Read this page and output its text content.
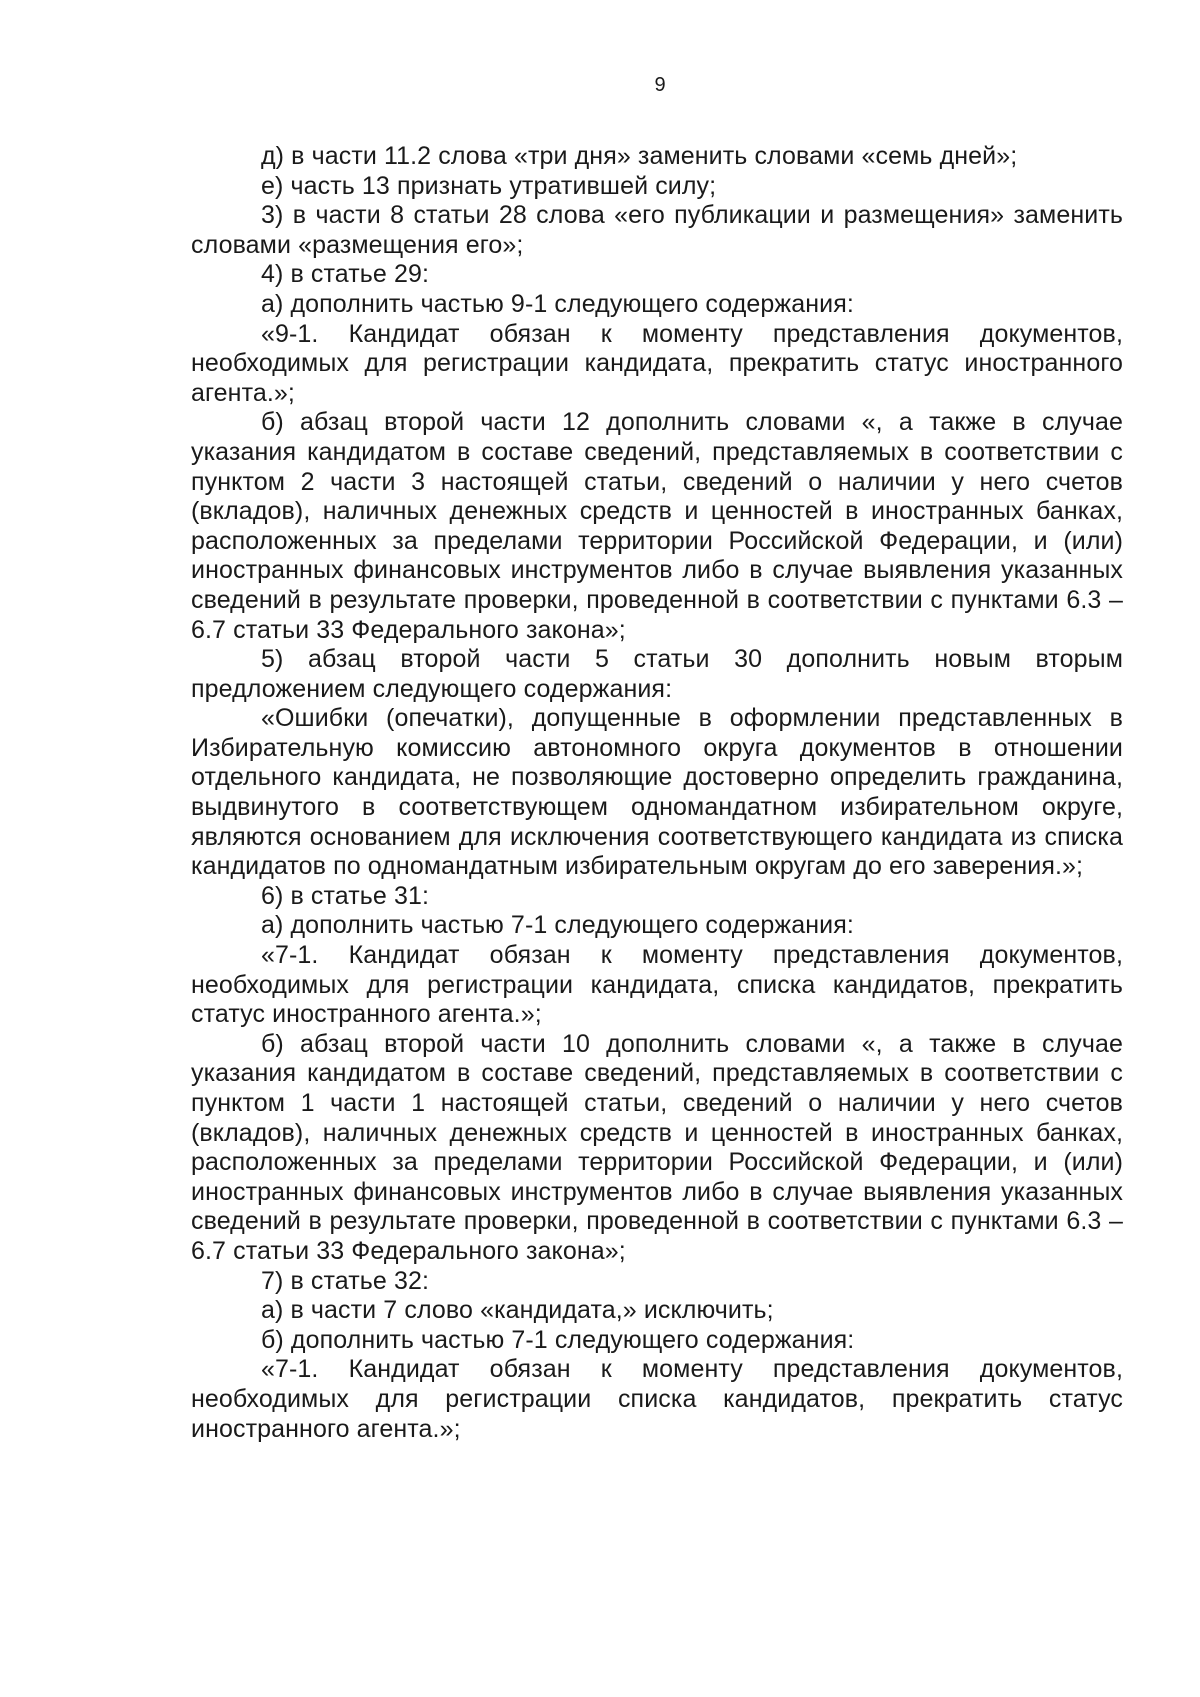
9

д) в части 11.2 слова «три дня» заменить словами «семь дней»;

е) часть 13 признать утратившей силу;

3) в части 8 статьи 28 слова «его публикации и размещения» заменить словами «размещения его»;

4) в статье 29:

а) дополнить частью 9-1 следующего содержания:

«9-1. Кандидат обязан к моменту представления документов, необходимых для регистрации кандидата, прекратить статус иностранного агента.»;

б) абзац второй части 12 дополнить словами «, а также в случае указания кандидатом в составе сведений, представляемых в соответствии с пунктом 2 части 3 настоящей статьи, сведений о наличии у него счетов (вкладов), наличных денежных средств и ценностей в иностранных банках, расположенных за пределами территории Российской Федерации, и (или) иностранных финансовых инструментов либо в случае выявления указанных сведений в результате проверки, проведенной в соответствии с пунктами 6.3 – 6.7 статьи 33 Федерального закона»;

5) абзац второй части 5 статьи 30 дополнить новым вторым предложением следующего содержания:

«Ошибки (опечатки), допущенные в оформлении представленных в Избирательную комиссию автономного округа документов в отношении отдельного кандидата, не позволяющие достоверно определить гражданина, выдвинутого в соответствующем одномандатном избирательном округе, являются основанием для исключения соответствующего кандидата из списка кандидатов по одномандатным избирательным округам до его заверения.»;

6) в статье 31:

а) дополнить частью 7-1 следующего содержания:

«7-1. Кандидат обязан к моменту представления документов, необходимых для регистрации кандидата, списка кандидатов, прекратить статус иностранного агента.»;

б) абзац второй части 10 дополнить словами «, а также в случае указания кандидатом в составе сведений, представляемых в соответствии с пунктом 1 части 1 настоящей статьи, сведений о наличии у него счетов (вкладов), наличных денежных средств и ценностей в иностранных банках, расположенных за пределами территории Российской Федерации, и (или) иностранных финансовых инструментов либо в случае выявления указанных сведений в результате проверки, проведенной в соответствии с пунктами 6.3 – 6.7 статьи 33 Федерального закона»;

7) в статье 32:

а) в части 7 слово «кандидата,» исключить;

б) дополнить частью 7-1 следующего содержания:

«7-1. Кандидат обязан к моменту представления документов, необходимых для регистрации списка кандидатов, прекратить статус иностранного агента.»;
